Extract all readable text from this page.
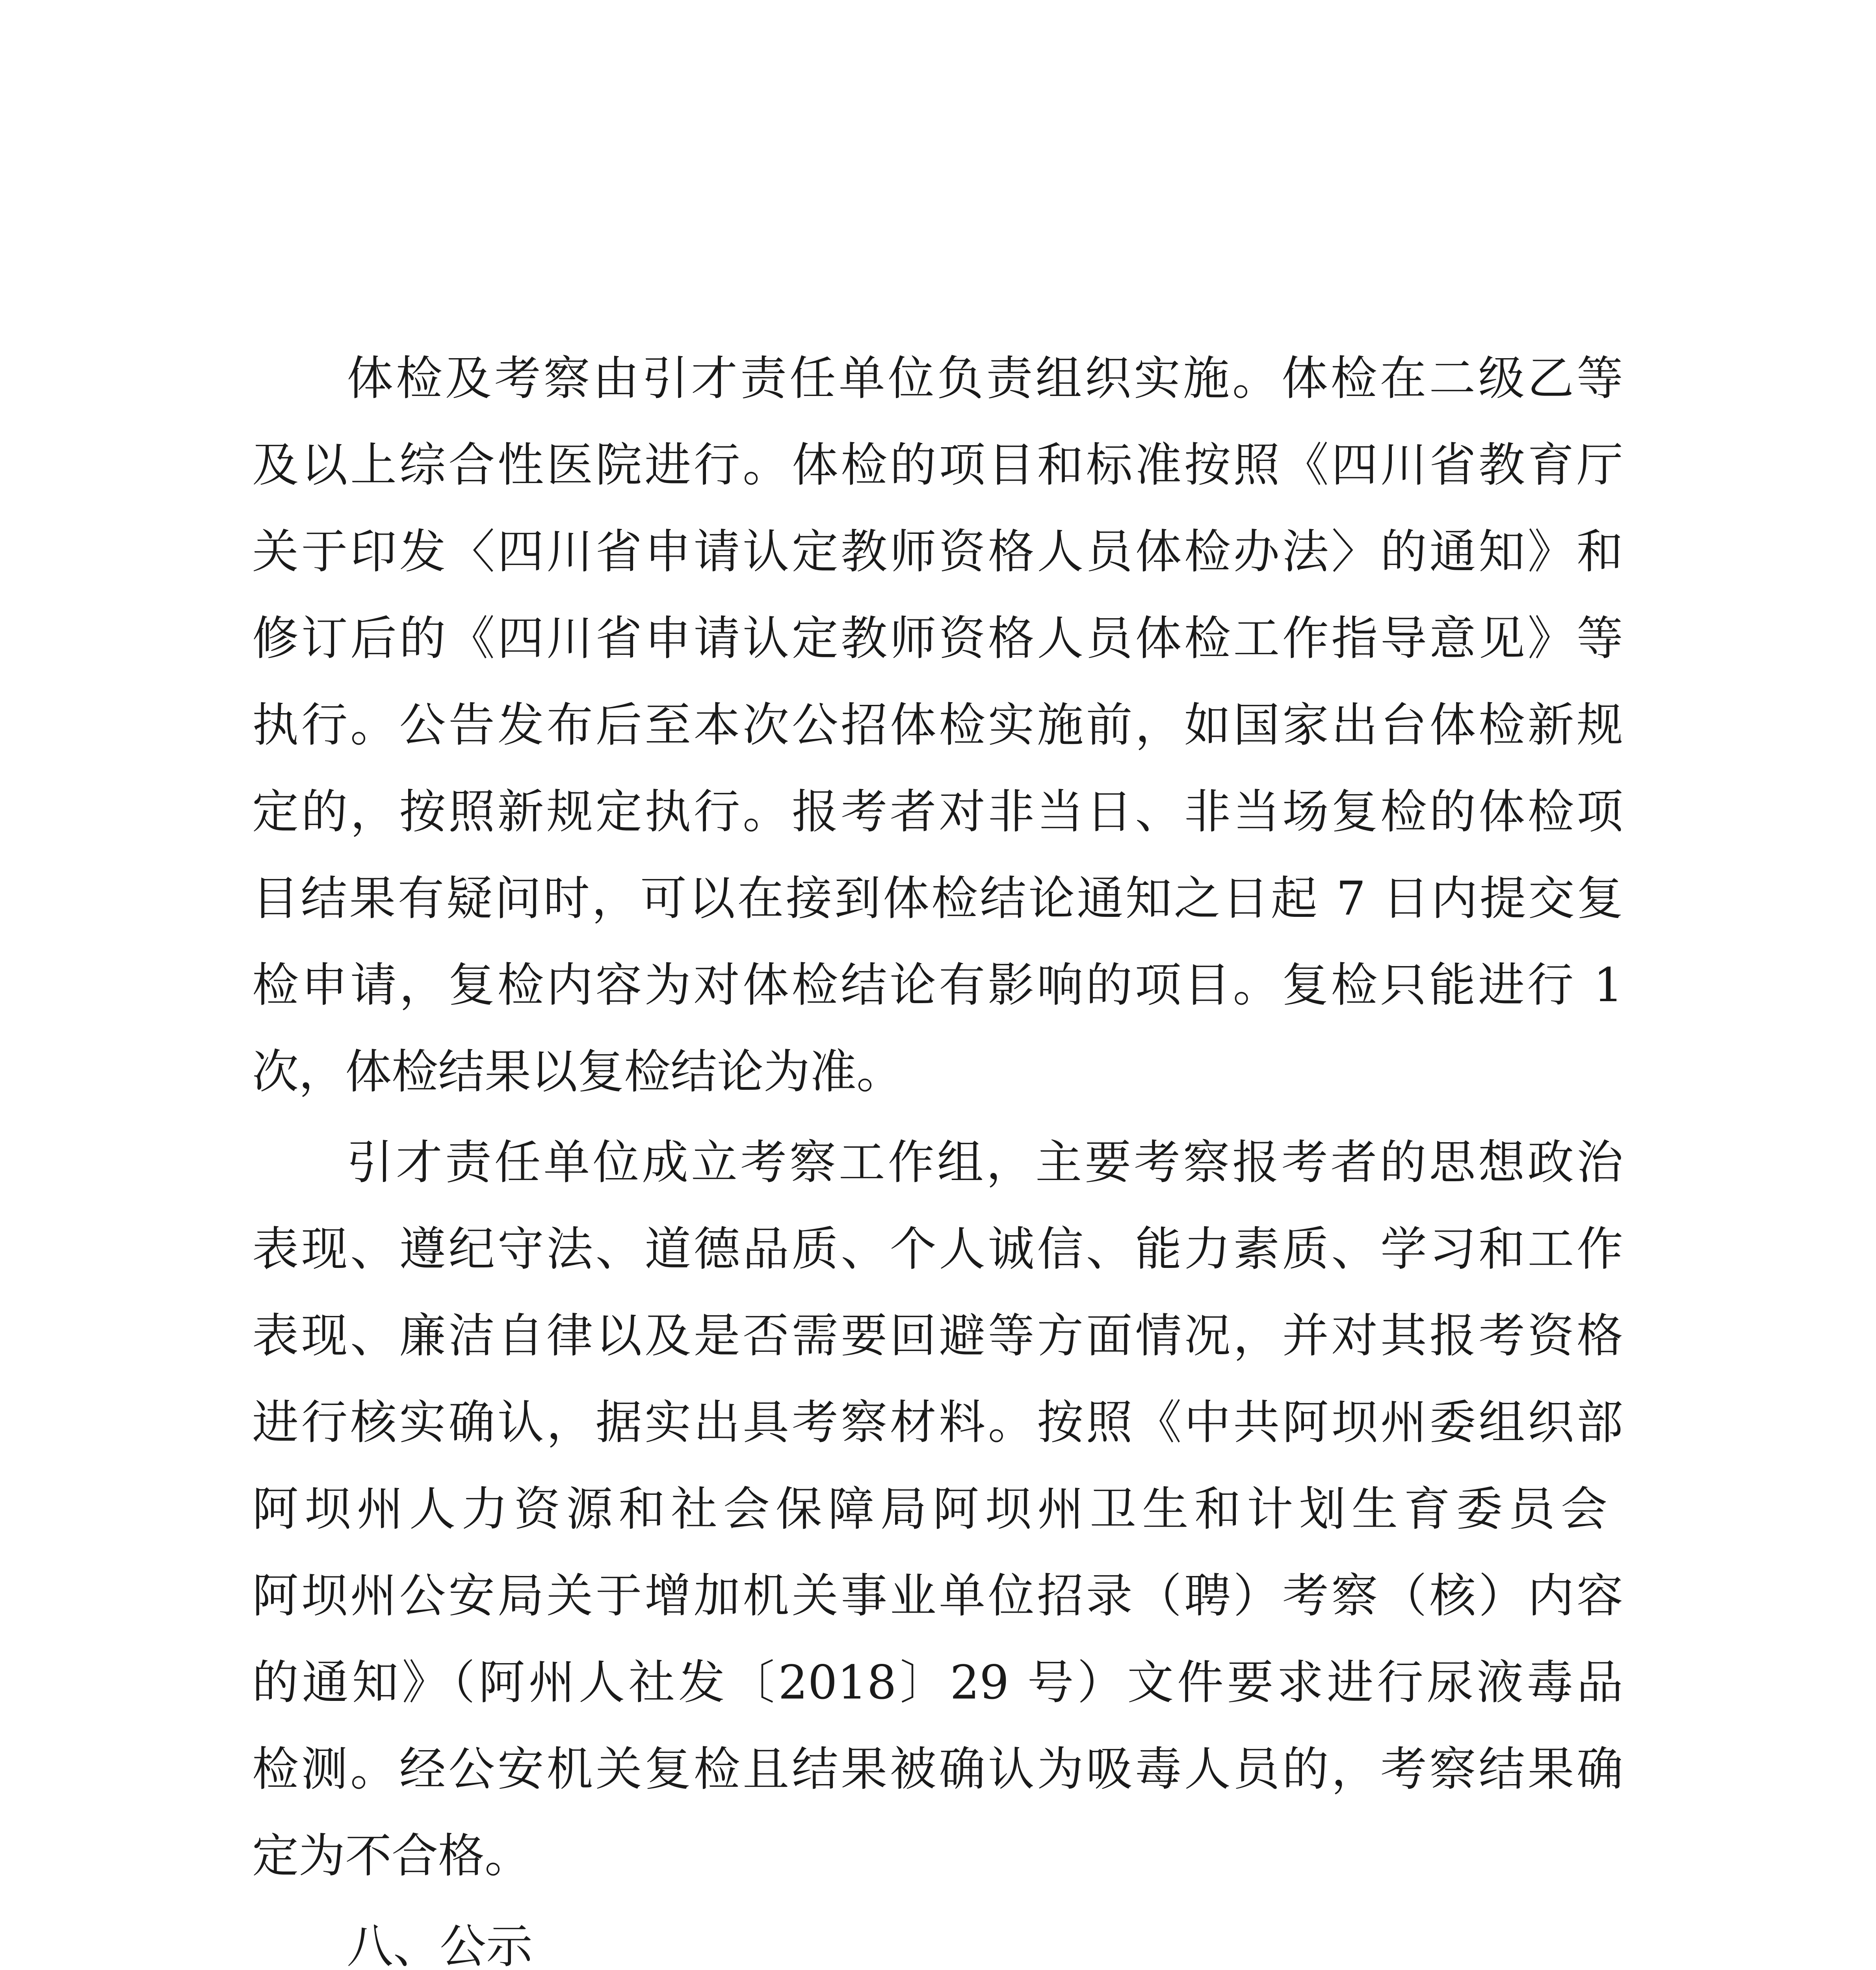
体检及考察由引才责任单位负责组织实施。体检在二级乙等

及以上综合性医院进行。体检的项目和标准按照《四川省教育厅

关于印发〈四川省申请认定教师资格人员体检办法〉的通知》和

修订后的《四川省申请认定教师资格人员体检工作指导意见》等

执行。公告发布后至本次公招体检实施前，如国家出台体检新规

定的，按照新规定执行。报考者对非当日、非当场复检的体检项

目结果有疑问时，可以在接到体检结论通知之日起 7 日内提交复

检申请，复检内容为对体检结论有影响的项目。复检只能进行 1

次，体检结果以复检结论为准。

引才责任单位成立考察工作组，主要考察报考者的思想政治

表现、遵纪守法、道德品质、个人诚信、能力素质、学习和工作

表现、廉洁自律以及是否需要回避等方面情况，并对其报考资格

进行核实确认，据实出具考察材料。按照《中共阿坝州委组织部

阿坝州人力资源和社会保障局阿坝州卫生和计划生育委员会

阿坝州公安局关于增加机关事业单位招录（聘）考察（核）内容

的通知》（阿州人社发〔2018〕29 号）文件要求进行尿液毒品

检测。经公安机关复检且结果被确认为吸毒人员的，考察结果确

定为不合格。

八、公示
